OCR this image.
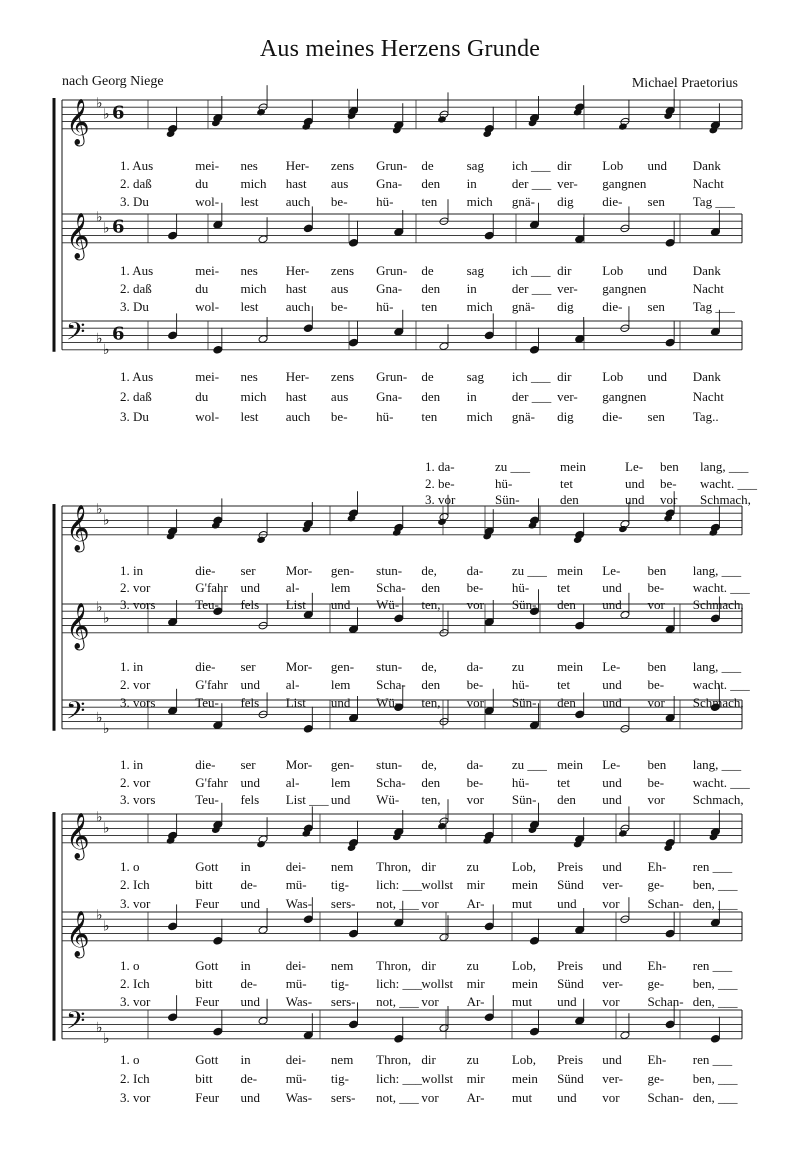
Aus meines Herzens Grunde
nach Georg Niege	Michael Praetorius
𝄞 ♭
♭ 6
𝄞 ♭
♭ 6
𝄢 ♭
♭
6
𝄞 ♭
♭
𝄞 ♭
♭
𝄢 ♭
♭
𝄞 ♭
♭
𝄞 ♭
♭
𝄢 ♭
♭
1. Aus	mei- nes Her- zens Grun- de	sag ich ___ dir Lob und Dank
2. daß	du mich hast aus Gna- den in	der ___ ver- gangnen	Nacht
3. Du	wol- lest auch be- hü- ten mich gnä- dig die- sen Tag ___
1. Aus	mei- nes Her- zens Grun- de	sag ich ___ dir Lob und Dank
2. daß	du mich hast aus Gna- den in	der ___ ver- gangnen	Nacht
3. Du	wol- lest auch be- hü- ten mich gnä- dig die- sen Tag ___
1. Aus	mei- nes Her- zens Grun- de	sag ich ___ dir Lob und Dank
2. daß	du mich hast aus Gna- den in	der ___ ver- gangnen	Nacht
3. Du	wol- lest auch be- hü- ten mich gnä- dig die- sen Tag..
1. in	die- ser Mor- gen- stun- de, da- zu ___ mein Le- ben lang, ___
2. vor	G'fahr und al- lem Scha- den be- hü- tet und be- wacht. ___
3. vors	Teu- fels List und Wü- ten, vor Sün- den und vor Schmach,
1. in	die- ser Mor- gen- stun- de, da- zu	mein Le- ben lang, ___
2. vor	G'fahr und al- lem Scha- den be- hü- tet und be- wacht. ___
3. vors	Teu- fels List und Wü- ten, vor Sün- den und vor Schmach,
1. in	die- ser Mor- gen- stun- de, da- zu ___ mein Le- ben lang, ___
2. vor	G'fahr und al- lem Scha- den be- hü- tet und be- wacht. ___
3. vors	Teu- fels List ___ und Wü- ten, vor Sün- den und vor Schmach,
1. da-	zu ___ mein	Le- ben lang, ___
2. be-	hü-	tet	und be- wacht. ___
3. vor	Sün-	den	und vor Schmach,
1. o	Gott in	dei- nem Thron, dir zu	Lob, Preis und Eh- ren ___
2. Ich	bitt de- mü- tig- lich: ___ wollst mir mein Sünd ver- ge- ben, ___
3. vor	Feur und Was- sers- not, ___ vor Ar- mut und vor Schan- den, ___
1. o	Gott in	dei- nem Thron, dir zu	Lob, Preis und Eh- ren ___
2. Ich	bitt de- mü- tig- lich: ___ wollst mir mein Sünd ver- ge- ben, ___
3. vor	Feur und Was- sers- not, ___ vor Ar- mut und vor Schan- den, ___
1. o	Gott in	dei- nem Thron, dir zu	Lob, Preis und Eh- ren ___
2. Ich	bitt de- mü- tig- lich: ___ wollst mir mein Sünd ver- ge- ben, ___
3. vor	Feur und Was- sers- not, ___ vor Ar- mut und vor Schan- den, ___
